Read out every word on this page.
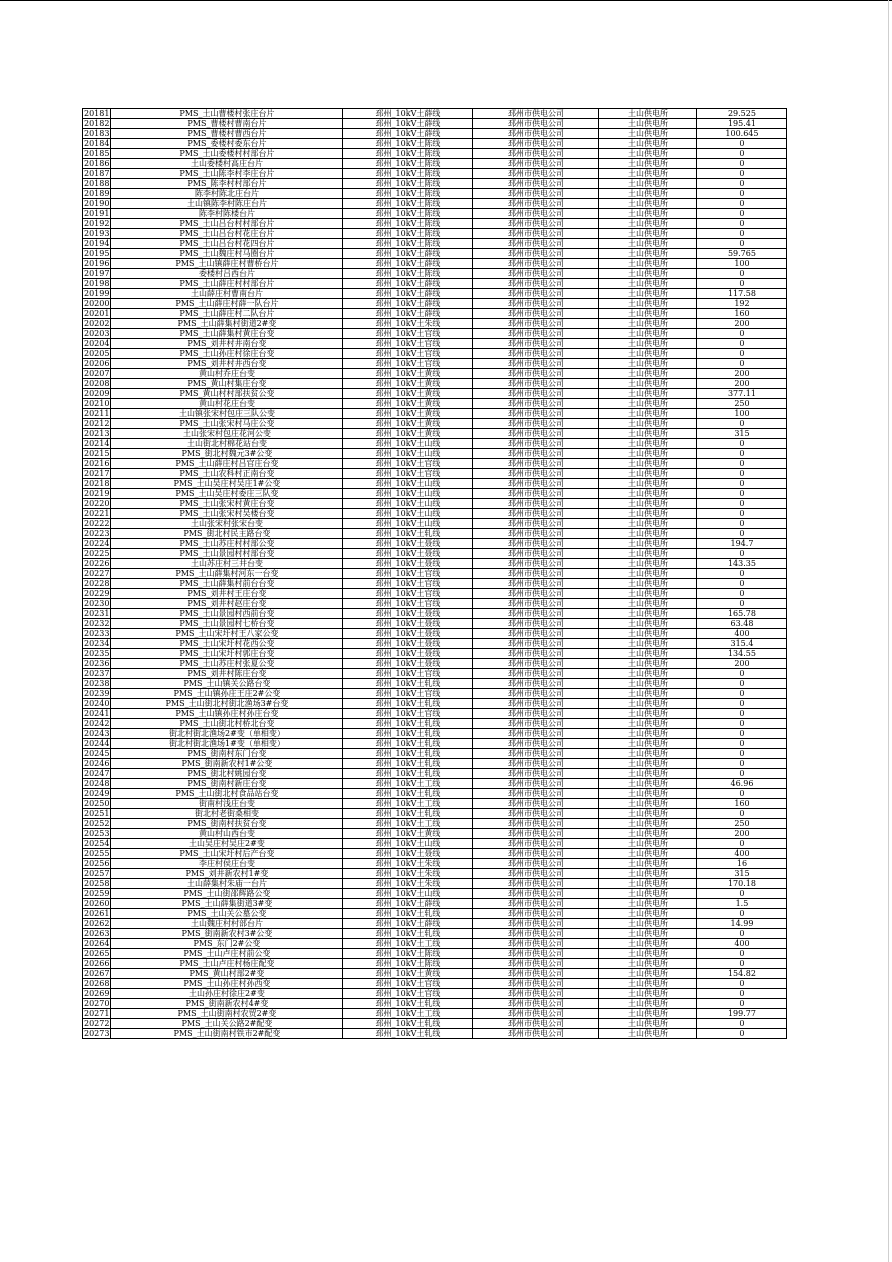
20181	PMS_土山曹楼村张庄台片	邳州_10kV土薛线	邳州市供电公司	土山供电所	29.525
20182	PMS_曹楼村曹南台片	邳州_10kV土薛线	邳州市供电公司	土山供电所	195.41
20183	PMS_曹楼村曹西台片	邳州_10kV土薛线	邳州市供电公司	土山供电所	100.645
20184	PMS_委楼村委东台片	邳州_10kV土陈线	邳州市供电公司	土山供电所	0
20185	PMS_土山委楼村村部台片	邳州_10kV土陈线	邳州市供电公司	土山供电所	0
20186	土山委楼村高庄台片	邳州_10kV土陈线	邳州市供电公司	土山供电所	0
20187	PMS_土山陈李村李庄台片	邳州_10kV土陈线	邳州市供电公司	土山供电所	0
20188	PMS_陈李村村部台片	邳州_10kV土陈线	邳州市供电公司	土山供电所	0
20189	陈李村陈北庄台片	邳州_10kV土陈线	邳州市供电公司	土山供电所	0
20190	土山镇陈李村陈庄台片	邳州_10kV土陈线	邳州市供电公司	土山供电所	0
20191	陈李村陈楼台片	邳州_10kV土陈线	邳州市供电公司	土山供电所	0
20192	PMS_土山吕台村村部台片	邳州_10kV土陈线	邳州市供电公司	土山供电所	0
20193	PMS_土山吕台村花庄台片	邳州_10kV土陈线	邳州市供电公司	土山供电所	0
20194	PMS_土山吕台村花四台片	邳州_10kV土陈线	邳州市供电公司	土山供电所	0
20195	PMS_土山魏庄村马圈台片	邳州_10kV土薛线	邳州市供电公司	土山供电所	59.765
20196	PMS_土山镇薛庄村曹桥台片	邳州_10kV土薛线	邳州市供电公司	土山供电所	100
20197	委楼村吕西台片	邳州_10kV土陈线	邳州市供电公司	土山供电所	0
20198	PMS_土山薛庄村村部台片	邳州_10kV土薛线	邳州市供电公司	土山供电所	0
20199	土山薛庄村曹南台片	邳州_10kV土薛线	邳州市供电公司	土山供电所	117.58
20200	PMS_土山薛庄村薛一队台片	邳州_10kV土薛线	邳州市供电公司	土山供电所	192
20201	PMS_土山薛庄村二队台片	邳州_10kV土薛线	邳州市供电公司	土山供电所	160
20202	PMS_土山薛集村街道2#变	邳州_10kV土朱线	邳州市供电公司	土山供电所	200
20203	PMS_土山薛集村黄庄台变	邳州_10kV土官线	邳州市供电公司	土山供电所	0
20204	PMS_刘井村井南台变	邳州_10kV土官线	邳州市供电公司	土山供电所	0
20205	PMS_土山孙庄村徐庄台变	邳州_10kV土官线	邳州市供电公司	土山供电所	0
20206	PMS_刘井村井西台变	邳州_10kV土官线	邳州市供电公司	土山供电所	0
20207	黄山村乔庄台变	邳州_10kV土黄线	邳州市供电公司	土山供电所	200
20208	PMS_黄山村集庄台变	邳州_10kV土黄线	邳州市供电公司	土山供电所	200
20209	PMS_黄山村村部扶贫公变	邳州_10kV土黄线	邳州市供电公司	土山供电所	377.11
20210	黄山村花庄台变	邳州_10kV土黄线	邳州市供电公司	土山供电所	250
20211	土山镇张宋村包庄三队公变	邳州_10kV土黄线	邳州市供电公司	土山供电所	100
20212	PMS_土山张宋村马庄公变	邳州_10kV土黄线	邳州市供电公司	土山供电所	0
20213	土山张宋村包庄花河公变	邳州_10kV土黄线	邳州市供电公司	土山供电所	315
20214	土山街北村棉花站台变	邳州_10kV土山线	邳州市供电公司	土山供电所	0
20215	PMS_街北村魏元3#公变	邳州_10kV土山线	邳州市供电公司	土山供电所	0
20216	PMS_土山薛庄村吕官庄台变	邳州_10kV土官线	邳州市供电公司	土山供电所	0
20217	PMS_土山农科村正南台变	邳州_10kV土官线	邳州市供电公司	土山供电所	0
20218	PMS_土山吴庄村吴庄1#公变	邳州_10kV土山线	邳州市供电公司	土山供电所	0
20219	PMS_土山吴庄村委庄三队变	邳州_10kV土山线	邳州市供电公司	土山供电所	0
20220	PMS_土山张宋村黄庄台变	邳州_10kV土山线	邳州市供电公司	土山供电所	0
20221	PMS_土山张宋村吴楼台变	邳州_10kV土山线	邳州市供电公司	土山供电所	0
20222	土山张宋村张宋台变	邳州_10kV土山线	邳州市供电公司	土山供电所	0
20223	PMS_街北村民主路台变	邳州_10kV土轧线	邳州市供电公司	土山供电所	0
20224	PMS_土山苏庄村村部公变	邳州_10kV土聂线	邳州市供电公司	土山供电所	194.7
20225	PMS_土山景园村村部台变	邳州_10kV土聂线	邳州市供电公司	土山供电所	0
20226	土山苏庄村三井台变	邳州_10kV土聂线	邳州市供电公司	土山供电所	143.35
20227	PMS_土山薛集村河东一台变	邳州_10kV土官线	邳州市供电公司	土山供电所	0
20228	PMS_土山薛集村前台台变	邳州_10kV土官线	邳州市供电公司	土山供电所	0
20229	PMS_刘井村王庄台变	邳州_10kV土官线	邳州市供电公司	土山供电所	0
20230	PMS_刘井村赵庄台变	邳州_10kV土官线	邳州市供电公司	土山供电所	0
20231	PMS_土山景园村西前台变	邳州_10kV土聂线	邳州市供电公司	土山供电所	165.78
20232	PMS_土山景园村七桥台变	邳州_10kV土聂线	邳州市供电公司	土山供电所	63.48
20233	PMS_土山宋圩村王八家公变	邳州_10kV土聂线	邳州市供电公司	土山供电所	400
20234	PMS_土山宋圩村花西公变	邳州_10kV土聂线	邳州市供电公司	土山供电所	315.4
20235	PMS_土山宋圩村郭庄台变	邳州_10kV土聂线	邳州市供电公司	土山供电所	134.55
20236	PMS_土山苏庄村张夏公变	邳州_10kV土聂线	邳州市供电公司	土山供电所	200
20237	PMS_刘井村陈庄台变	邳州_10kV土官线	邳州市供电公司	土山供电所	0
20238	PMS_土山镇关公路台变	邳州_10kV土轧线	邳州市供电公司	土山供电所	0
20239	PMS_土山镇孙庄王庄2#公变	邳州_10kV土官线	邳州市供电公司	土山供电所	0
20240	PMS_土山街北村街北渔场3#台变	邳州_10kV土轧线	邳州市供电公司	土山供电所	0
20241	PMS_土山镇孙庄村孙庄台变	邳州_10kV土官线	邳州市供电公司	土山供电所	0
20242	PMS_土山街北村桥北台变	邳州_10kV土轧线	邳州市供电公司	土山供电所	0
20243	街北村街北渔场2#变（单相变）	邳州_10kV土轧线	邳州市供电公司	土山供电所	0
20244	街北村街北渔场1#变（单相变）	邳州_10kV土轧线	邳州市供电公司	土山供电所	0
20245	PMS_街南村东门台变	邳州_10kV土轧线	邳州市供电公司	土山供电所	0
20246	PMS_街南新农村1#公变	邳州_10kV土轧线	邳州市供电公司	土山供电所	0
20247	PMS_街北村姚园台变	邳州_10kV土轧线	邳州市供电公司	土山供电所	0
20248	PMS_街南村新庄台变	邳州_10kV土工线	邳州市供电公司	土山供电所	46.96
20249	PMS_土山街北村食品站台变	邳州_10kV土轧线	邳州市供电公司	土山供电所	0
20250	街南村浅庄台变	邳州_10kV土工线	邳州市供电公司	土山供电所	160
20251	街北村老街桑相变	邳州_10kV土轧线	邳州市供电公司	土山供电所	0
20252	PMS_街南村扶贫台变	邳州_10kV土工线	邳州市供电公司	土山供电所	250
20253	黄山村山西台变	邳州_10kV土黄线	邳州市供电公司	土山供电所	200
20254	土山吴庄村吴庄2#变	邳州_10kV土山线	邳州市供电公司	土山供电所	0
20255	PMS_土山宋圩村后产台变	邳州_10kV土聂线	邳州市供电公司	土山供电所	400
20256	李庄村侯庄台变	邳州_10kV土朱线	邳州市供电公司	土山供电所	16
20257	PMS_刘井新农村1#变	邳州_10kV土朱线	邳州市供电公司	土山供电所	315
20258	土山薛集村朱庙一台片	邳州_10kV土朱线	邳州市供电公司	土山供电所	170.18
20259	PMS_土山街邵辉路公变	邳州_10kV土山线	邳州市供电公司	土山供电所	0
20260	PMS_土山薛集街道3#变	邳州_10kV土薛线	邳州市供电公司	土山供电所	1.5
20261	PMS_土山关公墓公变	邳州_10kV土轧线	邳州市供电公司	土山供电所	0
20262	土山魏庄村村部台片	邳州_10kV土薛线	邳州市供电公司	土山供电所	14.99
20263	PMS_街南新农村3#公变	邳州_10kV土轧线	邳州市供电公司	土山供电所	0
20264	PMS_东门2#公变	邳州_10kV土工线	邳州市供电公司	土山供电所	400
20265	PMS_土山卢庄村前公变	邳州_10kV土陈线	邳州市供电公司	土山供电所	0
20266	PMS_土山卢庄村杨庄配变	邳州_10kV土陈线	邳州市供电公司	土山供电所	0
20267	PMS_黄山村部2#变	邳州_10kV土黄线	邳州市供电公司	土山供电所	154.82
20268	PMS_土山孙庄村孙西变	邳州_10kV土官线	邳州市供电公司	土山供电所	0
20269	土山孙庄村徐庄2#变	邳州_10kV土官线	邳州市供电公司	土山供电所	0
20270	PMS_街南新农村4#变	邳州_10kV土轧线	邳州市供电公司	土山供电所	0
20271	PMS_土山街南村农贸2#变	邳州_10kV土工线	邳州市供电公司	土山供电所	199.77
20272	PMS_土山关公路2#配变	邳州_10kV土轧线	邳州市供电公司	土山供电所	0
20273	PMS_土山街南村铁市2#配变	邳州_10kV土轧线	邳州市供电公司	土山供电所	0
